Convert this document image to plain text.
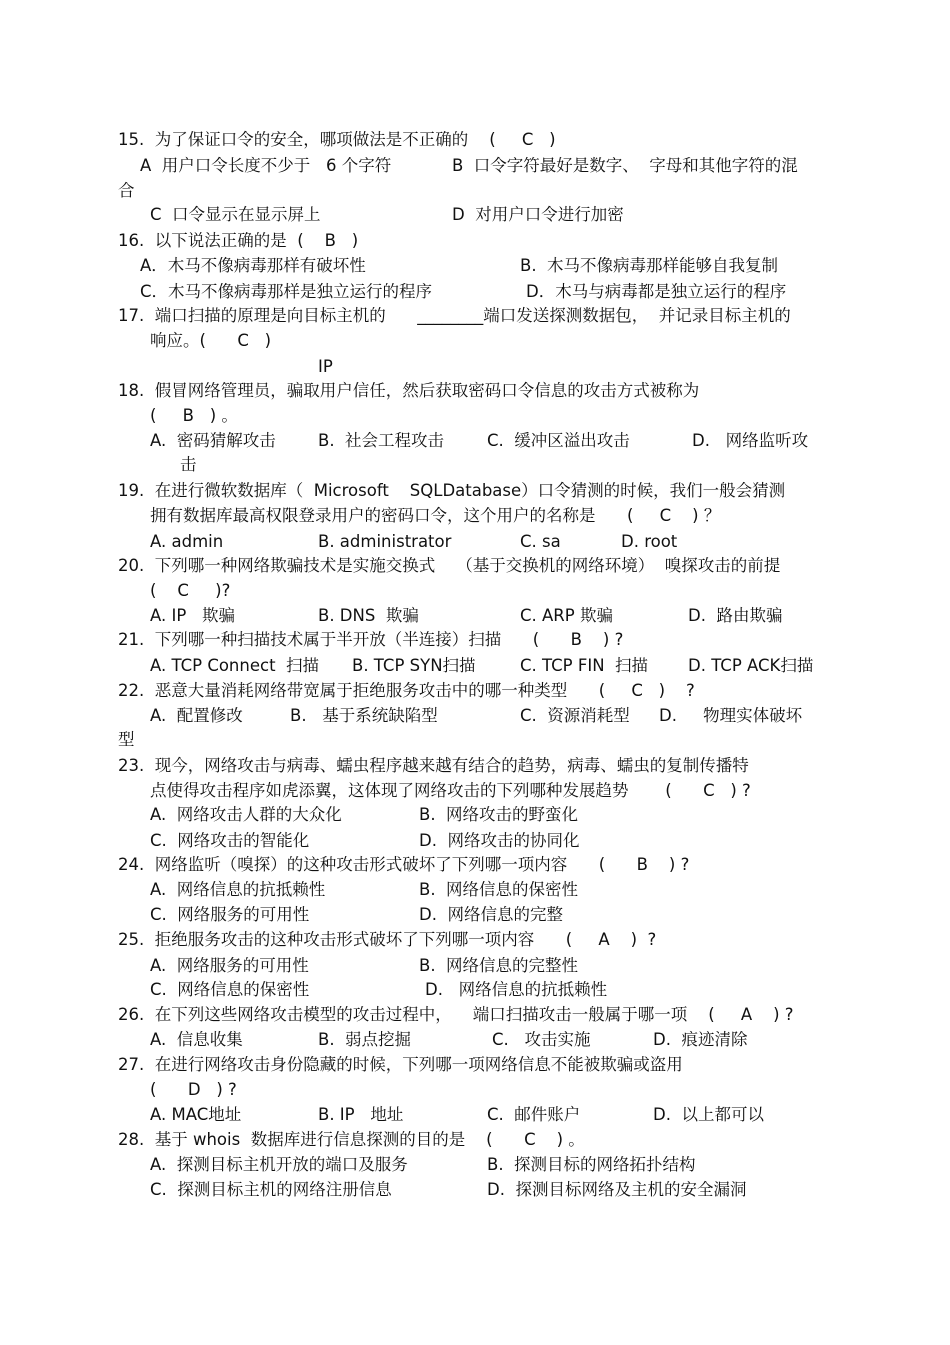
15.  为了保证口令的安全，哪项做法是不正确的    (     C   )
A  用户口令长度不少于   6 个字符	B  口令字符最好是数字、  字母和其他字符的混
合
C  口令显示在显示屏上	D  对用户口令进行加密
16.  以下说法正确的是  (    B   )
A．木马不像病毒那样有破坏性	B.  木马不像病毒那样能够自我复制
C．木马不像病毒那样是独立运行的程序	D．木马与病毒都是独立运行的程序
17.  端口扫描的原理是向目标主机的      ________端口发送探测数据包，  并记录目标主机的
响应。(      C   )
IP
18.  假冒网络管理员，骗取用户信任，然后获取密码口令信息的攻击方式被称为
(     B   ) 。
A.  密码猜解攻击	B.  社会工程攻击	C.  缓冲区溢出攻击	D.   网络监听攻
击
19.  在进行微软数据库（  Microsoft    SQLDatabase）口令猜测的时候，我们一般会猜测
拥有数据库最高权限登录用户的密码口令，这个用户的名称是      (     C    ) ？
A. admin	B. administrator	C. sa	D. root
20.  下列哪一种网络欺骗技术是实施交换式    （基于交换机的网络环境）  嗅探攻击的前提
(    C     )?
A. IP   欺骗	B. DNS  欺骗	C. ARP 欺骗	D.  路由欺骗
21.  下列哪一种扫描技术属于半开放（半连接）扫描      (      B    ) ?
A. TCP Connect  扫描 B. TCP SYN扫描	C. TCP FIN  扫描 D. TCP ACK扫描
22.  恶意大量消耗网络带宽属于拒绝服务攻击中的哪一种类型      (     C   )    ?
A.  配置修改	B.   基于系统缺陷型	C.  资源消耗型 D.     物理实体破坏
型
23.  现今，网络攻击与病毒、蠕虫程序越来越有结合的趋势，病毒、蠕虫的复制传播特
点使得攻击程序如虎添翼，这体现了网络攻击的下列哪种发展趋势       (      C   ) ?
A.  网络攻击人群的大众化	B.  网络攻击的野蛮化
C.  网络攻击的智能化	D.  网络攻击的协同化
24.  网络监听（嗅探）的这种攻击形式破坏了下列哪一项内容      (      B    ) ?
A.  网络信息的抗抵赖性	B.  网络信息的保密性
C.  网络服务的可用性	D.  网络信息的完整
25.  拒绝服务攻击的这种攻击形式破坏了下列哪一项内容      (     A    )  ?
A.  网络服务的可用性	B.  网络信息的完整性
C.  网络信息的保密性	D.   网络信息的抗抵赖性
26.  在下列这些网络攻击模型的攻击过程中，    端口扫描攻击一般属于哪一项    (     A    ) ?
A.  信息收集	B.  弱点挖掘	C.   攻击实施	D.  痕迹清除
27.  在进行网络攻击身份隐藏的时候，下列哪一项网络信息不能被欺骗或盗用
(      D   ) ?
A. MAC地址	B. IP   地址	C.  邮件账户	D.  以上都可以
28.  基于 whois  数据库进行信息探测的目的是    (      C    ) 。
A.  探测目标主机开放的端口及服务	B.  探测目标的网络拓扑结构
C.  探测目标主机的网络注册信息	D.  探测目标网络及主机的安全漏洞
